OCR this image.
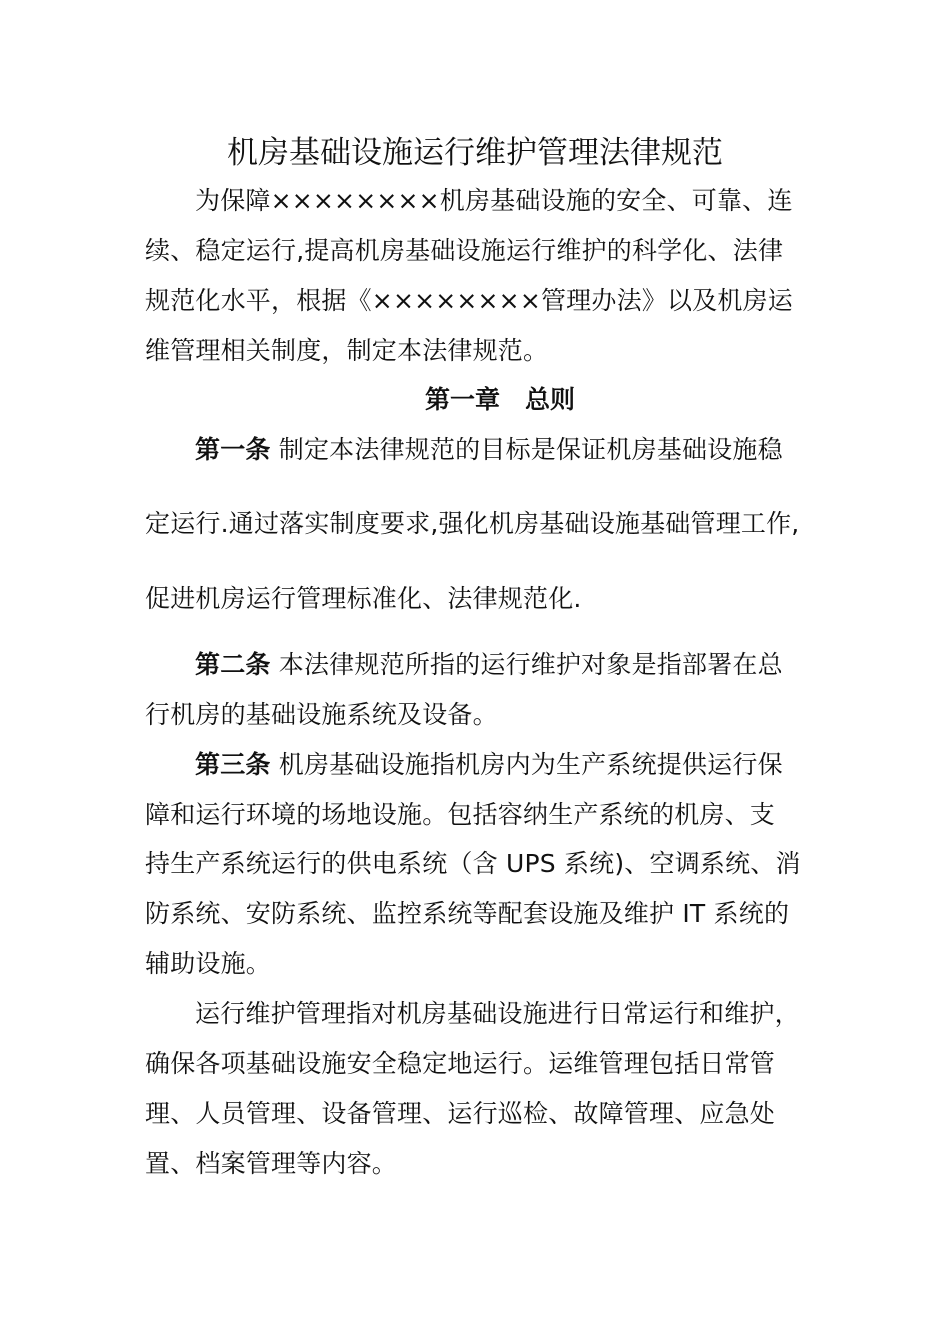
机房基础设施运行维护管理法律规范
为保障××××××××机房基础设施的安全、可靠、连
续、稳定运行,提高机房基础设施运行维护的科学化、法律
规范化水平，根据《××××××××管理办法》以及机房运
维管理相关制度，制定本法律规范。
第一章　总则
第一条 制定本法律规范的目标是保证机房基础设施稳
定运行.通过落实制度要求,强化机房基础设施基础管理工作,
促进机房运行管理标准化、法律规范化.
第二条 本法律规范所指的运行维护对象是指部署在总
行机房的基础设施系统及设备。
第三条 机房基础设施指机房内为生产系统提供运行保
障和运行环境的场地设施。包括容纳生产系统的机房、支
持生产系统运行的供电系统（含 UPS 系统)、空调系统、消
防系统、安防系统、监控系统等配套设施及维护 IT 系统的
辅助设施。
运行维护管理指对机房基础设施进行日常运行和维护，
确保各项基础设施安全稳定地运行。运维管理包括日常管
理、人员管理、设备管理、运行巡检、故障管理、应急处
置、档案管理等内容。
